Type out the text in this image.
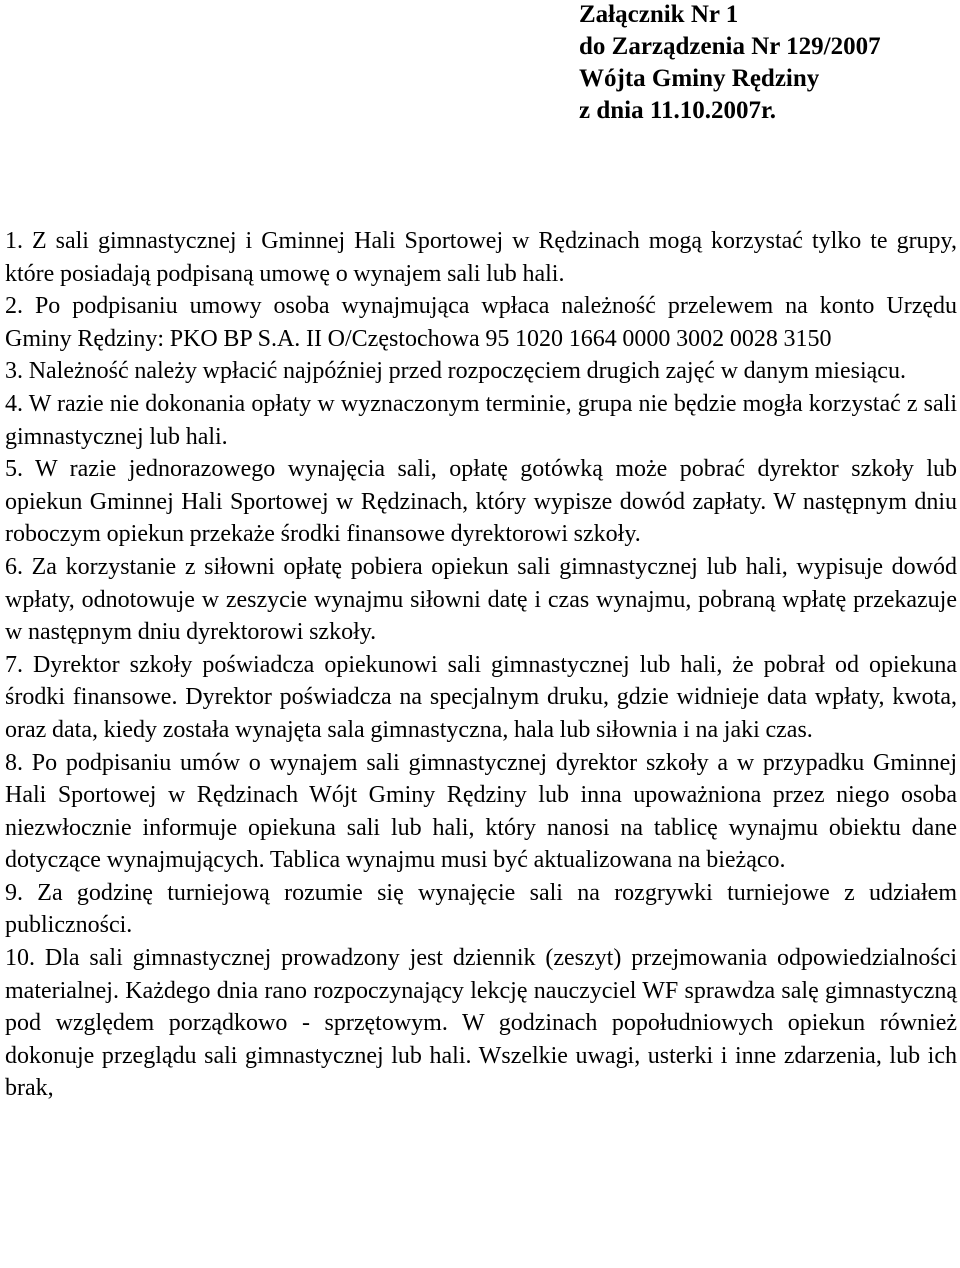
Załącznik Nr 1
do Zarządzenia Nr 129/2007
Wójta Gminy Rędziny
z dnia 11.10.2007r.

1. Z sali gimnastycznej i Gminnej Hali Sportowej w Rędzinach mogą korzystać tylko te grupy, które posiadają podpisaną umowę o wynajem sali lub hali.

2. Po podpisaniu umowy osoba wynajmująca wpłaca należność przelewem na konto Urzędu Gminy Rędziny: PKO BP S.A. II O/Częstochowa 95 1020 1664 0000 3002 0028 3150

3. Należność należy wpłacić najpóźniej przed rozpoczęciem drugich zajęć w danym miesiącu.

4. W razie nie dokonania opłaty w wyznaczonym terminie, grupa nie będzie mogła korzystać z sali gimnastycznej lub hali.

5. W razie jednorazowego wynajęcia sali, opłatę gotówką może pobrać dyrektor szkoły lub opiekun Gminnej Hali Sportowej w Rędzinach, który wypisze dowód zapłaty. W następnym dniu roboczym opiekun przekaże środki finansowe dyrektorowi szkoły.

6. Za korzystanie z siłowni opłatę pobiera opiekun sali gimnastycznej lub hali, wypisuje dowód wpłaty, odnotowuje w zeszycie wynajmu siłowni datę i czas wynajmu, pobraną wpłatę przekazuje w następnym dniu dyrektorowi szkoły.

7. Dyrektor szkoły poświadcza opiekunowi sali gimnastycznej lub hali, że pobrał od opiekuna środki finansowe. Dyrektor poświadcza na specjalnym druku, gdzie widnieje data wpłaty, kwota, oraz data, kiedy została wynajęta sala gimnastyczna, hala lub siłownia i na jaki czas.

8. Po podpisaniu umów o wynajem sali gimnastycznej dyrektor szkoły a w przypadku Gminnej Hali Sportowej w Rędzinach Wójt Gminy Rędziny lub inna upoważniona przez niego osoba niezwłocznie informuje opiekuna sali lub hali, który nanosi na tablicę wynajmu obiektu dane dotyczące wynajmujących. Tablica wynajmu musi być aktualizowana na bieżąco.

9. Za godzinę turniejową rozumie się wynajęcie sali na rozgrywki turniejowe z udziałem publiczności.

10. Dla sali gimnastycznej prowadzony jest dziennik (zeszyt) przejmowania odpowiedzialności materialnej. Każdego dnia rano rozpoczynający lekcję nauczyciel WF sprawdza salę gimnastyczną pod względem porządkowo - sprzętowym. W godzinach popołudniowych opiekun również dokonuje przeglądu sali gimnastycznej lub hali. Wszelkie uwagi, usterki i inne zdarzenia, lub ich brak,
